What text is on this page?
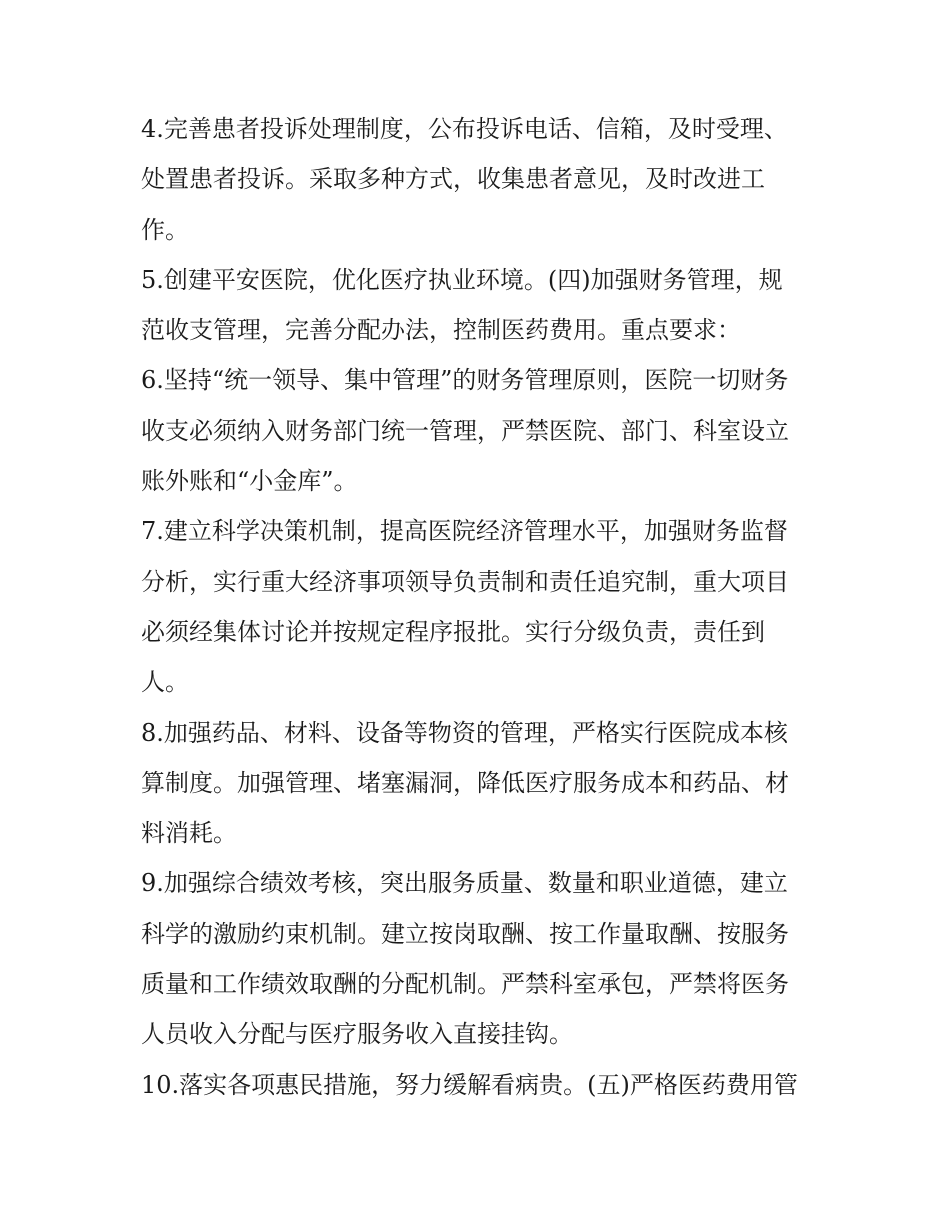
4.完善患者投诉处理制度，公布投诉电话、信箱，及时受理、
处置患者投诉。采取多种方式，收集患者意见，及时改进工
作。
5.创建平安医院，优化医疗执业环境。(四)加强财务管理，规
范收支管理，完善分配办法，控制医药费用。重点要求：
6.坚持“统一领导、集中管理”的财务管理原则，医院一切财务
收支必须纳入财务部门统一管理，严禁医院、部门、科室设立
账外账和“小金库”。
7.建立科学决策机制，提高医院经济管理水平，加强财务监督
分析，实行重大经济事项领导负责制和责任追究制，重大项目
必须经集体讨论并按规定程序报批。实行分级负责，责任到
人。
8.加强药品、材料、设备等物资的管理，严格实行医院成本核
算制度。加强管理、堵塞漏洞，降低医疗服务成本和药品、材
料消耗。
9.加强综合绩效考核，突出服务质量、数量和职业道德，建立
科学的激励约束机制。建立按岗取酬、按工作量取酬、按服务
质量和工作绩效取酬的分配机制。严禁科室承包，严禁将医务
人员收入分配与医疗服务收入直接挂钩。
10.落实各项惠民措施，努力缓解看病贵。(五)严格医药费用管
